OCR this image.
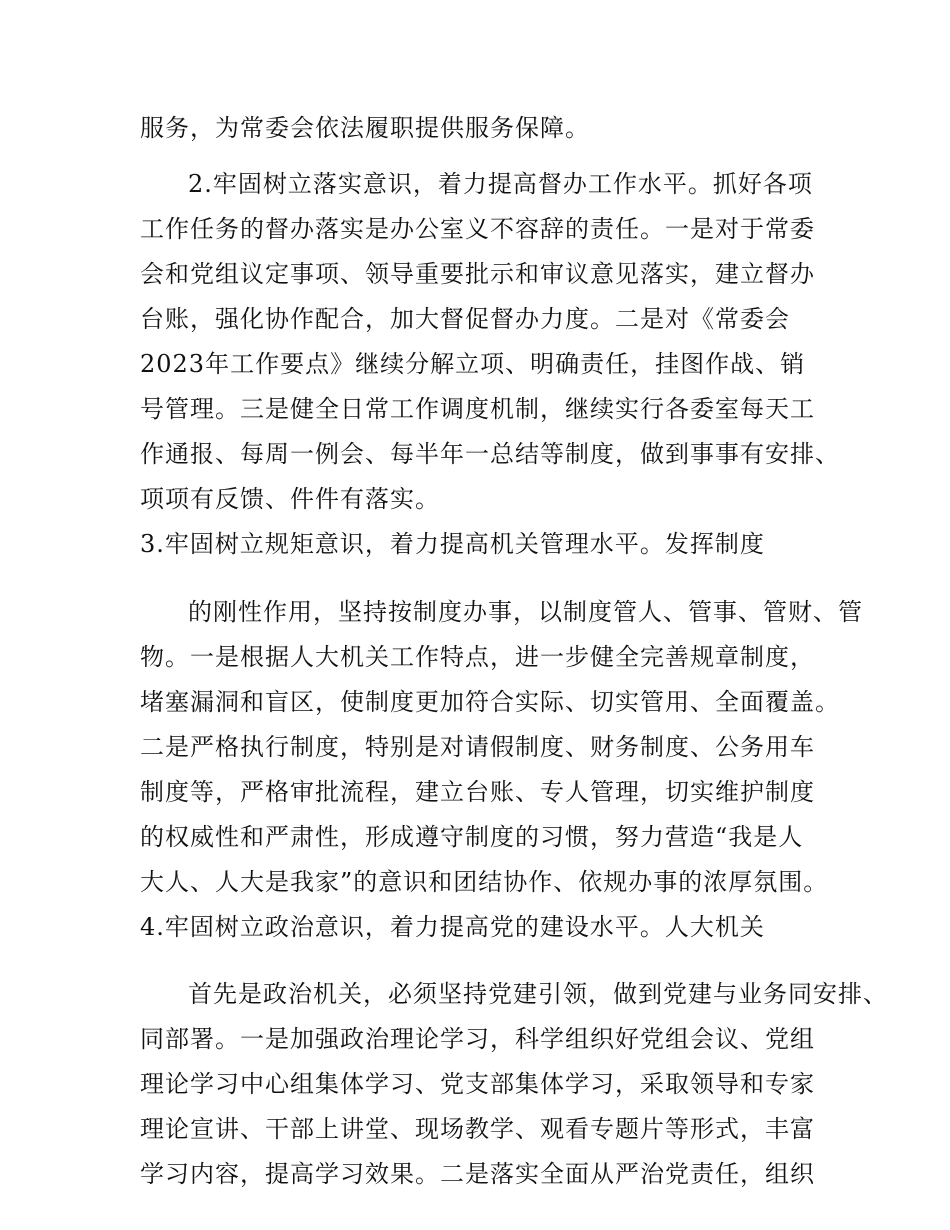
服务，为常委会依法履职提供服务保障。
2.牢固树立落实意识，着力提高督办工作水平。抓好各项
工作任务的督办落实是办公室义不容辞的责任。一是对于常委
会和党组议定事项、领导重要批示和审议意见落实，建立督办
台账，强化协作配合，加大督促督办力度。二是对《常委会
2023年工作要点》继续分解立项、明确责任，挂图作战、销
号管理。三是健全日常工作调度机制，继续实行各委室每天工
作通报、每周一例会、每半年一总结等制度，做到事事有安排、
项项有反馈、件件有落实。
3.牢固树立规矩意识，着力提高机关管理水平。发挥制度
的刚性作用，坚持按制度办事，以制度管人、管事、管财、管
物。一是根据人大机关工作特点，进一步健全完善规章制度，
堵塞漏洞和盲区，使制度更加符合实际、切实管用、全面覆盖。
二是严格执行制度，特别是对请假制度、财务制度、公务用车
制度等，严格审批流程，建立台账、专人管理，切实维护制度
的权威性和严肃性，形成遵守制度的习惯，努力营造“我是人
大人、人大是我家”的意识和团结协作、依规办事的浓厚氛围。
4.牢固树立政治意识，着力提高党的建设水平。人大机关
首先是政治机关，必须坚持党建引领，做到党建与业务同安排、
同部署。一是加强政治理论学习，科学组织好党组会议、党组
理论学习中心组集体学习、党支部集体学习，采取领导和专家
理论宣讲、干部上讲堂、现场教学、观看专题片等形式，丰富
学习内容，提高学习效果。二是落实全面从严治党责任，组织
